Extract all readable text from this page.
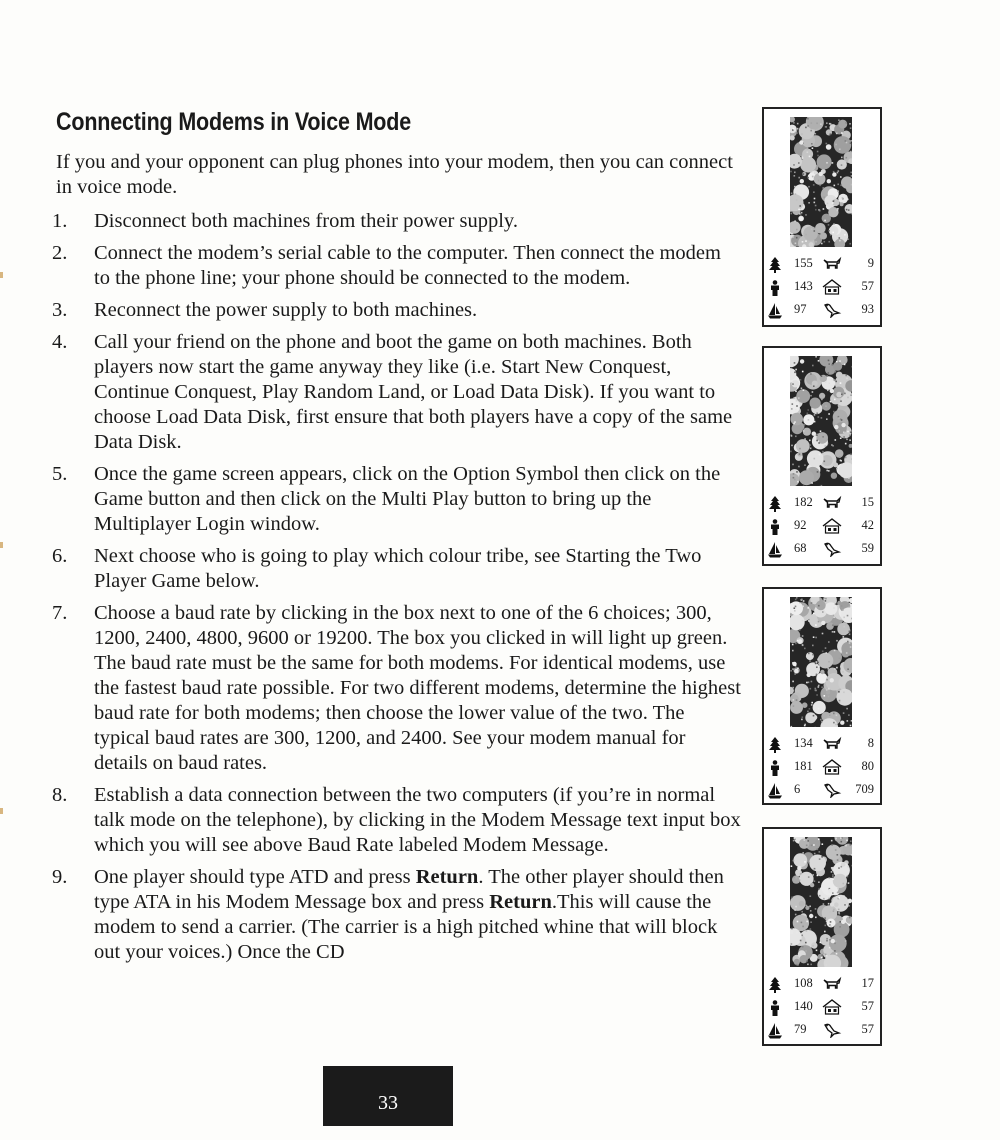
Connecting Modems in Voice Mode
If you and your opponent can plug phones into your modem, then you can connect in voice mode.
1.	Disconnect both machines from their power supply.
2.	Connect the modem’s serial cable to the computer. Then connect the modem to the phone line; your phone should be connected to the modem.
3.	Reconnect the power supply to both machines.
4.	Call your friend on the phone and boot the game on both machines. Both players now start the game anyway they like (i.e. Start New Conquest, Continue Conquest, Play Random Land, or Load Data Disk). If you want to choose Load Data Disk, first ensure that both players have a copy of the same Data Disk.
5.	Once the game screen appears, click on the Option Symbol then click on the Game button and then click on the Multi Play button to bring up the Multiplayer Login window.
6.	Next choose who is going to play which colour tribe, see Starting the Two Player Game below.
7.	Choose a baud rate by clicking in the box next to one of the 6 choices; 300, 1200, 2400, 4800, 9600 or 19200. The box you clicked in will light up green. The baud rate must be the same for both modems. For identical modems, use the fastest baud rate possible. For two different modems, determine the highest baud rate for both modems; then choose the lower value of the two. The typical baud rates are 300, 1200, and 2400. See your modem manual for details on baud rates.
8.	Establish a data connection between the two computers (if you’re in normal talk mode on the telephone), by clicking in the Modem Message text input box which you will see above Baud Rate labeled Modem Message.
9.	One player should type ATD and press Return. The other player should then type ATA in his Modem Message box and press Return.This will cause the modem to send a carrier. (The carrier is a high pitched whine that will block out your voices.) Once the CD
155	9
143	57
97	93
182	15
92	42
68	59
134	8
181	80
6	709
108	17
140	57
79	57
33
